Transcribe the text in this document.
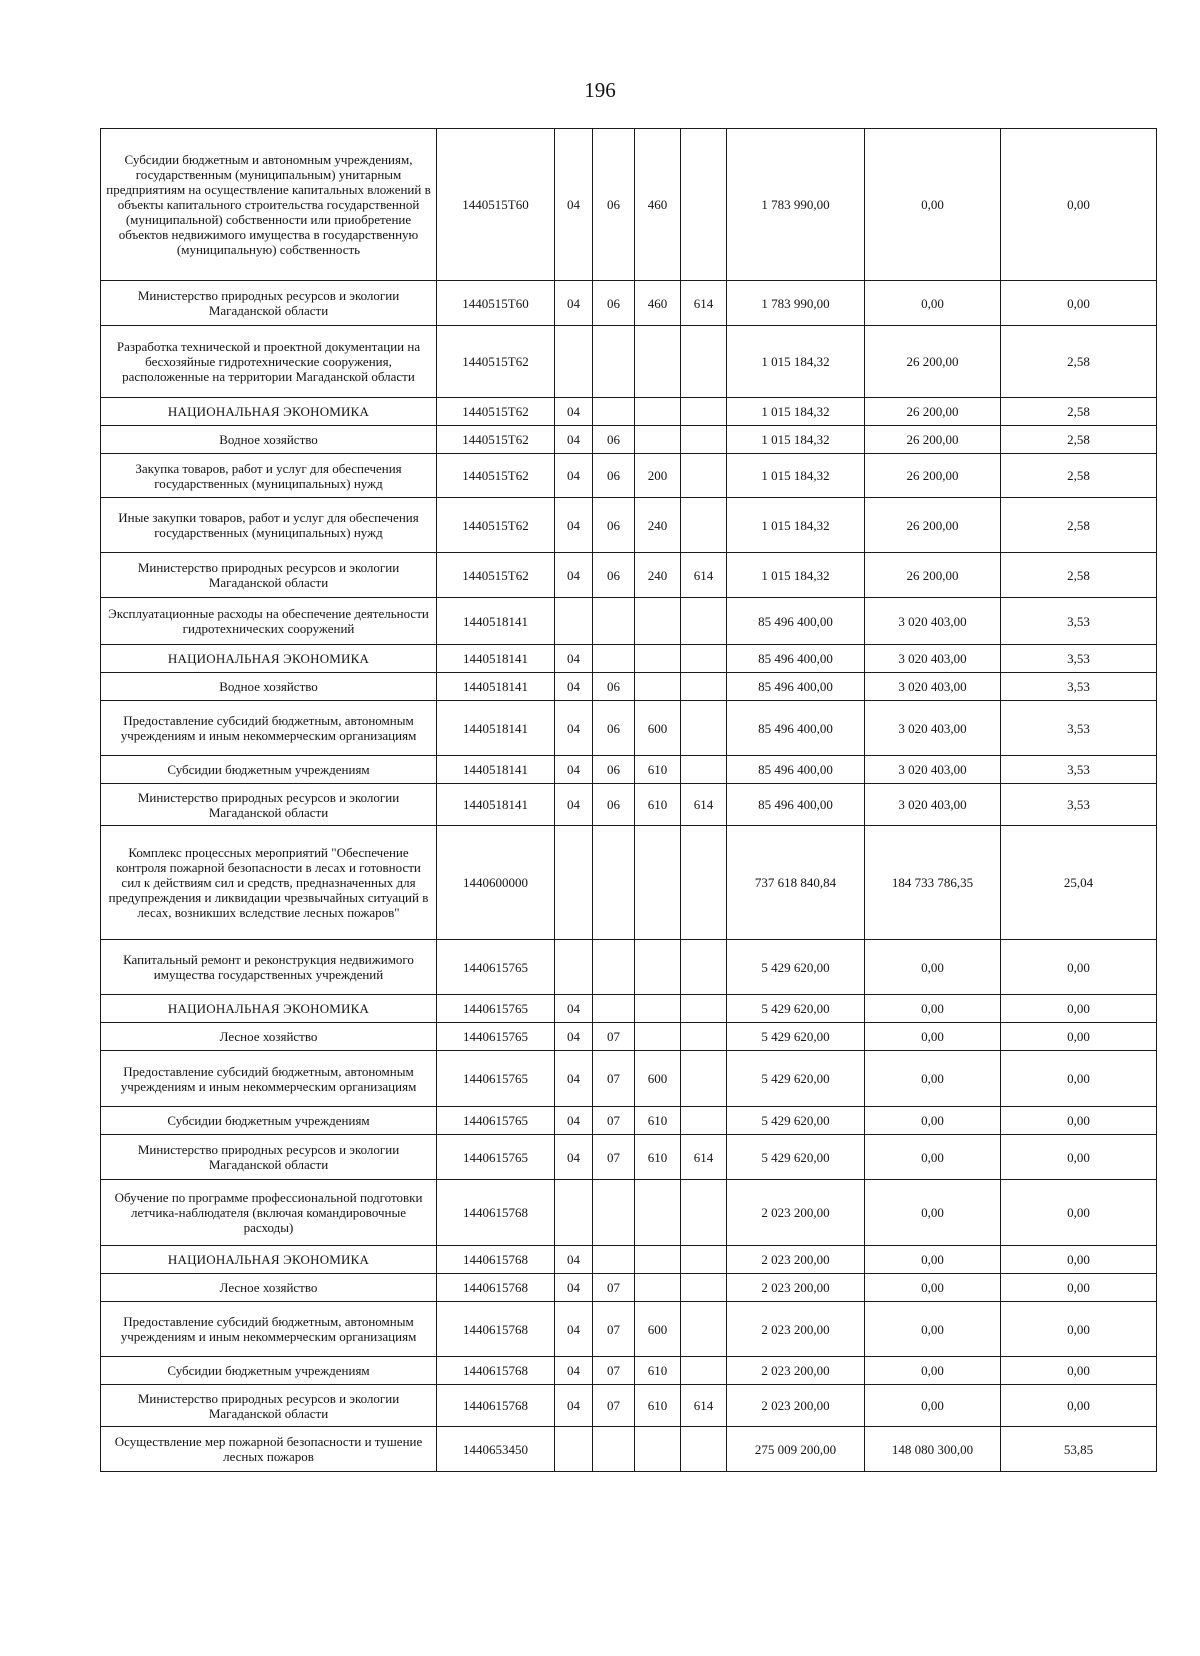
196
Субсидии бюджетным и автономным учреждениям, государственным (муниципальным) унитарным предприятиям на осуществление капитальных вложений в объекты капитального строительства государственной (муниципальной) собственности или приобретение объектов недвижимого имущества в государственную (муниципальную) собственность	1440515Т60	04	06	460		1 783 990,00	0,00	0,00
Министерство природных ресурсов и экологии Магаданской области	1440515Т60	04	06	460	614	1 783 990,00	0,00	0,00
Разработка технической и проектной документации на бесхозяйные гидротехнические сооружения, расположенные на территории Магаданской области	1440515Т62					1 015 184,32	26 200,00	2,58
НАЦИОНАЛЬНАЯ ЭКОНОМИКА	1440515Т62	04				1 015 184,32	26 200,00	2,58
Водное хозяйство	1440515Т62	04	06			1 015 184,32	26 200,00	2,58
Закупка товаров, работ и услуг для обеспечения государственных (муниципальных) нужд	1440515Т62	04	06	200		1 015 184,32	26 200,00	2,58
Иные закупки товаров, работ и услуг для обеспечения государственных (муниципальных) нужд	1440515Т62	04	06	240		1 015 184,32	26 200,00	2,58
Министерство природных ресурсов и экологии Магаданской области	1440515Т62	04	06	240	614	1 015 184,32	26 200,00	2,58
Эксплуатационные расходы на обеспечение деятельности гидротехнических сооружений	1440518141					85 496 400,00	3 020 403,00	3,53
НАЦИОНАЛЬНАЯ ЭКОНОМИКА	1440518141	04				85 496 400,00	3 020 403,00	3,53
Водное хозяйство	1440518141	04	06			85 496 400,00	3 020 403,00	3,53
Предоставление субсидий бюджетным, автономным учреждениям и иным некоммерческим организациям	1440518141	04	06	600		85 496 400,00	3 020 403,00	3,53
Субсидии бюджетным учреждениям	1440518141	04	06	610		85 496 400,00	3 020 403,00	3,53
Министерство природных ресурсов и экологии Магаданской области	1440518141	04	06	610	614	85 496 400,00	3 020 403,00	3,53
Комплекс процессных мероприятий "Обеспечение контроля пожарной безопасности в лесах и готовности сил к действиям сил и средств, предназначенных для предупреждения и ликвидации чрезвычайных ситуаций в лесах, возникших вследствие лесных пожаров"	1440600000					737 618 840,84	184 733 786,35	25,04
Капитальный ремонт и реконструкция недвижимого имущества государственных учреждений	1440615765					5 429 620,00	0,00	0,00
НАЦИОНАЛЬНАЯ ЭКОНОМИКА	1440615765	04				5 429 620,00	0,00	0,00
Лесное хозяйство	1440615765	04	07			5 429 620,00	0,00	0,00
Предоставление субсидий бюджетным, автономным учреждениям и иным некоммерческим организациям	1440615765	04	07	600		5 429 620,00	0,00	0,00
Субсидии бюджетным учреждениям	1440615765	04	07	610		5 429 620,00	0,00	0,00
Министерство природных ресурсов и экологии Магаданской области	1440615765	04	07	610	614	5 429 620,00	0,00	0,00
Обучение по программе профессиональной подготовки летчика-наблюдателя (включая командировочные расходы)	1440615768					2 023 200,00	0,00	0,00
НАЦИОНАЛЬНАЯ ЭКОНОМИКА	1440615768	04				2 023 200,00	0,00	0,00
Лесное хозяйство	1440615768	04	07			2 023 200,00	0,00	0,00
Предоставление субсидий бюджетным, автономным учреждениям и иным некоммерческим организациям	1440615768	04	07	600		2 023 200,00	0,00	0,00
Субсидии бюджетным учреждениям	1440615768	04	07	610		2 023 200,00	0,00	0,00
Министерство природных ресурсов и экологии Магаданской области	1440615768	04	07	610	614	2 023 200,00	0,00	0,00
Осуществление мер пожарной безопасности и тушение лесных пожаров	1440653450					275 009 200,00	148 080 300,00	53,85
